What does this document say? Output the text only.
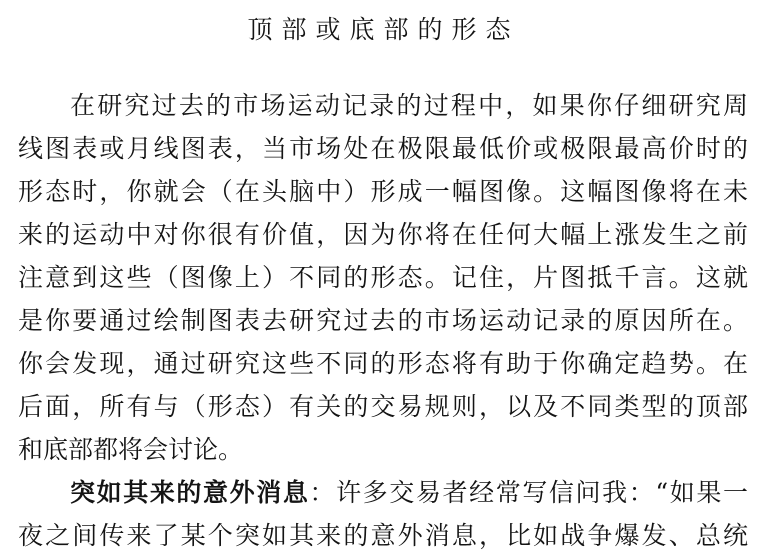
顶部或底部的形态
在研究过去的市场运动记录的过程中，如果你仔细研究周
线图表或月线图表，当市场处在极限最低价或极限最高价时的
形态时，你就会（在头脑中）形成一幅图像。这幅图像将在未
来的运动中对你很有价值，因为你将在任何大幅上涨发生之前
注意到这些（图像上）不同的形态。记住，片图抵千言。这就
是你要通过绘制图表去研究过去的市场运动记录的原因所在。
你会发现，通过研究这些不同的形态将有助于你确定趋势。在
后面，所有与（形态）有关的交易规则，以及不同类型的顶部
和底部都将会讨论。
突如其来的意外消息：许多交易者经常写信问我：“如果一
夜之间传来了某个突如其来的意外消息，比如战争爆发、总统
